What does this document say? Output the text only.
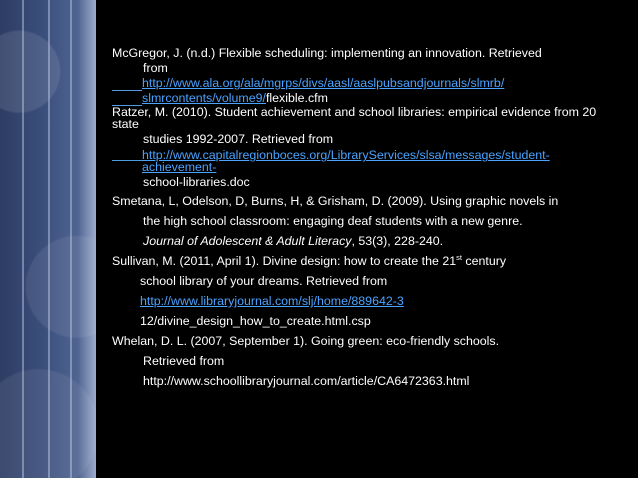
McGregor, J. (n.d.) Flexible scheduling: implementing an innovation. Retrieved
from
http://www.ala.org/ala/mgrps/divs/aasl/aaslpubsandjournals/slmrb/
slmrcontents/volume9/flexible.cfm
Ratzer, M. (2010). Student achievement and school libraries: empirical evidence from 20 state
studies 1992-2007. Retrieved from
http://www.capitalregionboces.org/LibraryServices/slsa/messages/student-achievement-
school-libraries.doc
Smetana, L, Odelson, D, Burns, H, & Grisham, D. (2009). Using graphic novels in
the high school classroom: engaging deaf students with a new genre.
Journal of Adolescent & Adult Literacy, 53(3), 228-240.
Sullivan, M. (2011, April 1). Divine design: how to create the 21st century
school library of your dreams. Retrieved from
http://www.libraryjournal.com/slj/home/889642-3
12/divine_design_how_to_create.html.csp
Whelan, D. L. (2007, September 1). Going green: eco-friendly schools.
Retrieved from
http://www.schoollibraryjournal.com/article/CA6472363.html
